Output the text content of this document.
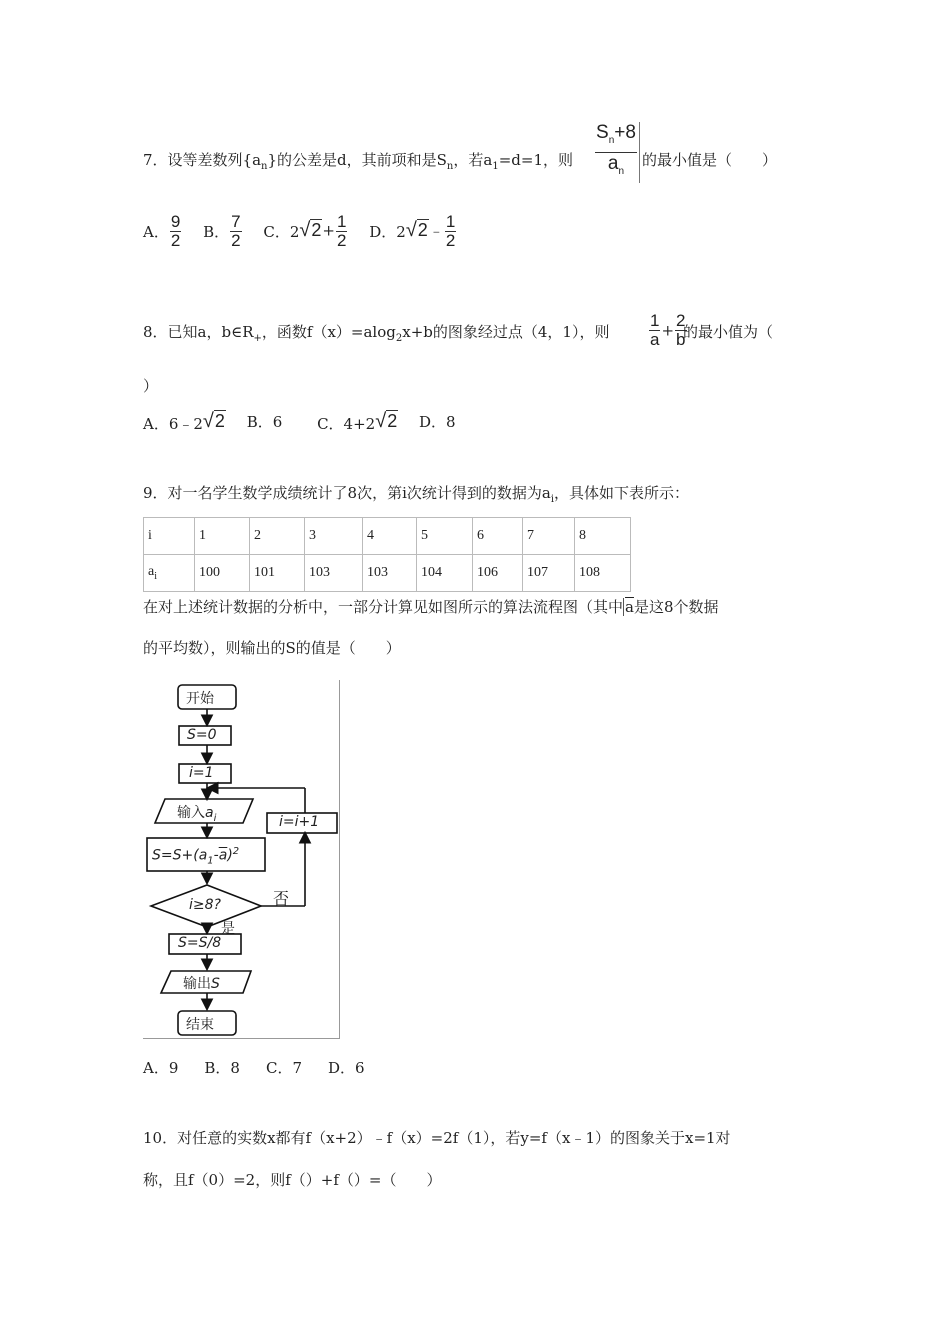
7．设等差数列$\{a_n\}$的公差是d，其前项和是$S_n$，若$a_1=d=1$，则 $\frac{S_n+8}{a_n}$ 的最小值是（　　）
A． $\frac{9}{2}$ B． $\frac{7}{2}$ C．$2√2+ \frac{1}{2}$ D．2√2﹣ $\frac{1}{2}$
8．已知a，$b\in R_+$，函数f（x）=alog$_2$x+b的图象经过点（4，1），则 $\frac{1}{a} + \frac{2}{b}$
的最小值为（
）
A．6﹣2√2 B．6 C．4+2√2 D．8
9．对一名学生数学成绩统计了8次，第i次统计得到的数据为$a_i$，具体如下表所示：
i	1	2	3	4	5	6	7	8
$a_i$	100	101	103	103	104	106	107	108
在对上述统计数据的分析中，一部分计算见如图所示的算法流程图（其中 $\overline{a}$是这8个数据
的平均数），则输出的S的值是（　　）
开始
S=0
i=1
输入$a_i$
$S=S+(a_1-\overline{a})^2$
i≥8?	否
是
i=i+1
S=S/8
输出S
结束
A．9 B．8 C．7 D．6
10．对任意的实数x都有f（x+2）﹣f（x）=2f（1），若y=f（x﹣1）的图象关于x=1对
称，且f（0）=2，则f（）+f（）=（　　）
